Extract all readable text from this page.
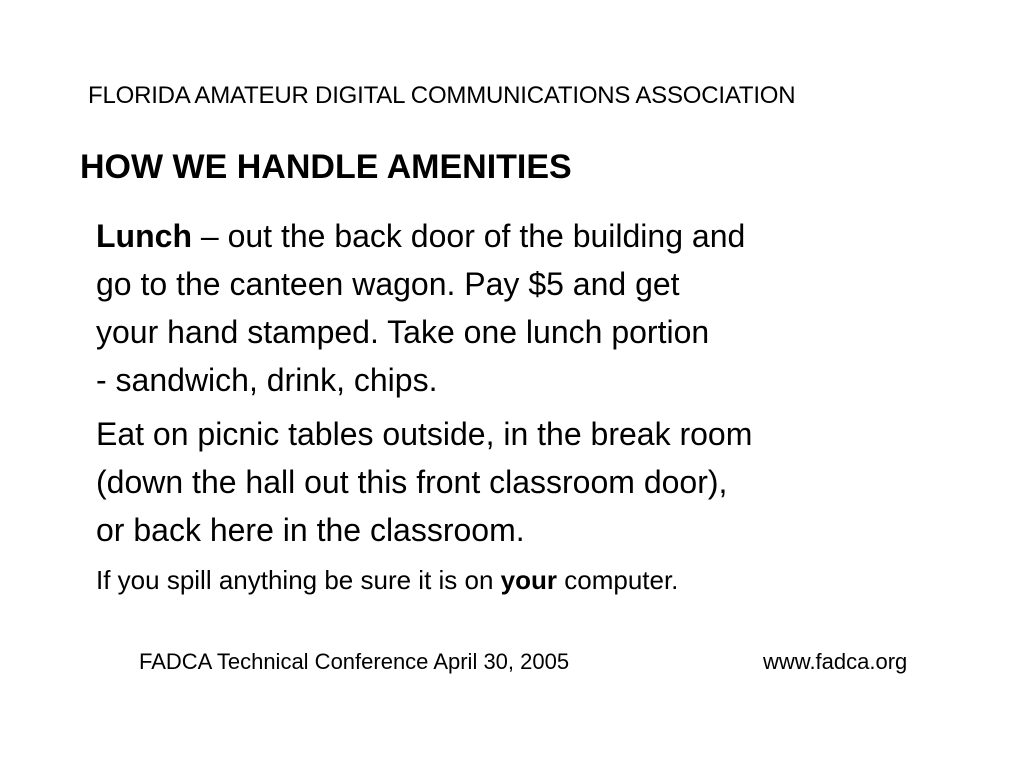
FLORIDA AMATEUR DIGITAL COMMUNICATIONS ASSOCIATION
HOW WE HANDLE AMENITIES
Lunch – out the back door of the building and
go to the canteen wagon. Pay $5 and get
your hand stamped. Take one lunch portion
- sandwich, drink, chips.
Eat on picnic tables outside, in the break room
(down the hall out this front classroom door),
or back here in the classroom.
If you spill anything be sure it is on your computer.
FADCA Technical Conference April 30, 2005	www.fadca.org
